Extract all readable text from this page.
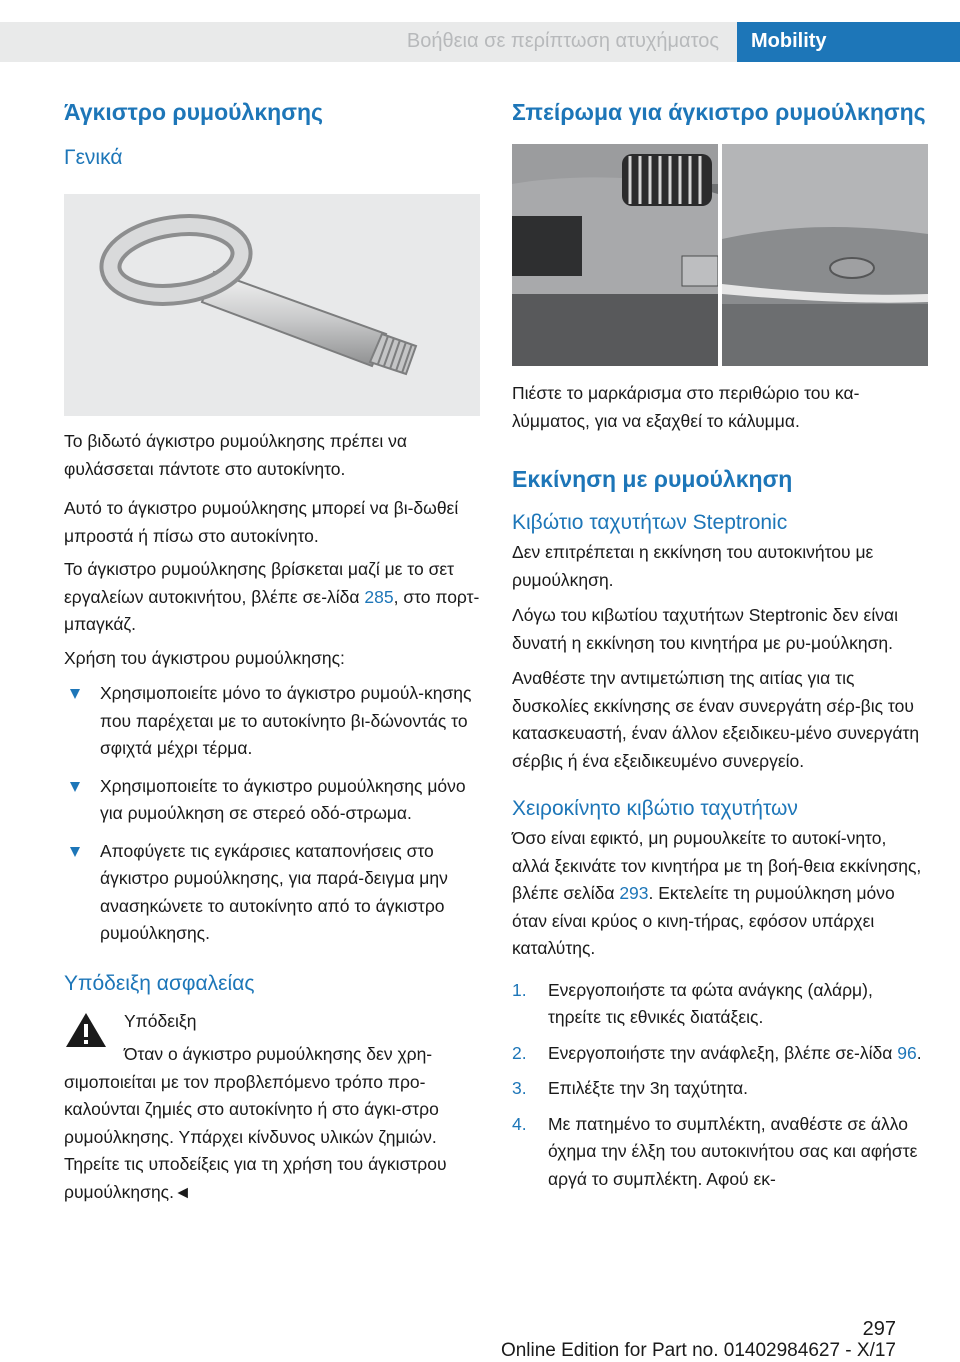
Βοήθεια σε περίπτωση ατυχήματος Mobility
Άγκιστρο ρυμούλκησης
Γενικά

Το βιδωτό άγκιστρο ρυμούλκησης πρέπει να φυλάσσεται πάντοτε στο αυτοκίνητο.

Αυτό το άγκιστρο ρυμούλκησης μπορεί να βι-δωθεί μπροστά ή πίσω στο αυτοκίνητο.

Το άγκιστρο ρυμούλκησης βρίσκεται μαζί με το σετ εργαλείων αυτοκινήτου, βλέπε σε-λίδα 285, στο πορτ-μπαγκάζ.

Χρήση του άγκιστρου ρυμούλκησης:

Χρησιμοποιείτε μόνο το άγκιστρο ρυμούλ-κησης που παρέχεται με το αυτοκίνητο βι-δώνοντάς το σφιχτά μέχρι τέρμα.
Χρησιμοποιείτε το άγκιστρο ρυμούλκησης μόνο για ρυμούλκηση σε στερεό οδό-στρωμα.
Αποφύγετε τις εγκάρσιες καταπονήσεις στο άγκιστρο ρυμούλκησης, για παρά-δειγμα μην ανασηκώνετε το αυτοκίνητο από το άγκιστρο ρυμούλκησης.
Υπόδειξη ασφαλείας

Υπόδειξη

Όταν ο άγκιστρο ρυμούλκησης δεν χρη-σιμοποιείται με τον προβλεπόμενο τρόπο προ-καλούνται ζημιές στο αυτοκίνητο ή στο άγκι-στρο ρυμούλκησης. Υπάρχει κίνδυνος υλικών ζημιών. Τηρείτε τις υποδείξεις για τη χρήση του άγκιστρου ρυμούλκησης.◄

Σπείρωμα για άγκιστρο ρυμούλκησης

Πιέστε το μαρκάρισμα στο περιθώριο του κα-λύμματος, για να εξαχθεί το κάλυμμα.

Εκκίνηση με ρυμούλκηση
Κιβώτιο ταχυτήτων Steptronic

Δεν επιτρέπεται η εκκίνηση του αυτοκινήτου με ρυμούλκηση.

Λόγω του κιβωτίου ταχυτήτων Steptronic δεν είναι δυνατή η εκκίνηση του κινητήρα με ρυ-μούλκηση.

Αναθέστε την αντιμετώπιση της αιτίας για τις δυσκολίες εκκίνησης σε έναν συνεργάτη σέρ-βις του κατασκευαστή, έναν άλλον εξειδικευ-μένο συνεργάτη σέρβις ή ένα εξειδικευμένο συνεργείο.

Χειροκίνητο κιβώτιο ταχυτήτων

Όσο είναι εφικτό, μη ρυμουλκείτε το αυτοκί-νητο, αλλά ξεκινάτε τον κινητήρα με τη βοή-θεια εκκίνησης, βλέπε σελίδα 293. Εκτελείτε τη ρυμούλκηση μόνο όταν είναι κρύος ο κινη-τήρας, εφόσον υπάρχει καταλύτης.

1. Ενεργοποιήστε τα φώτα ανάγκης (αλάρμ), τηρείτε τις εθνικές διατάξεις.
2. Ενεργοποιήστε την ανάφλεξη, βλέπε σε-λίδα 96.
3. Επιλέξτε την 3η ταχύτητα.
4. Με πατημένο το συμπλέκτη, αναθέστε σε άλλο όχημα την έλξη του αυτοκινήτου σας και αφήστε αργά το συμπλέκτη. Αφού εκ-
297
Online Edition for Part no. 01402984627 - X/17
